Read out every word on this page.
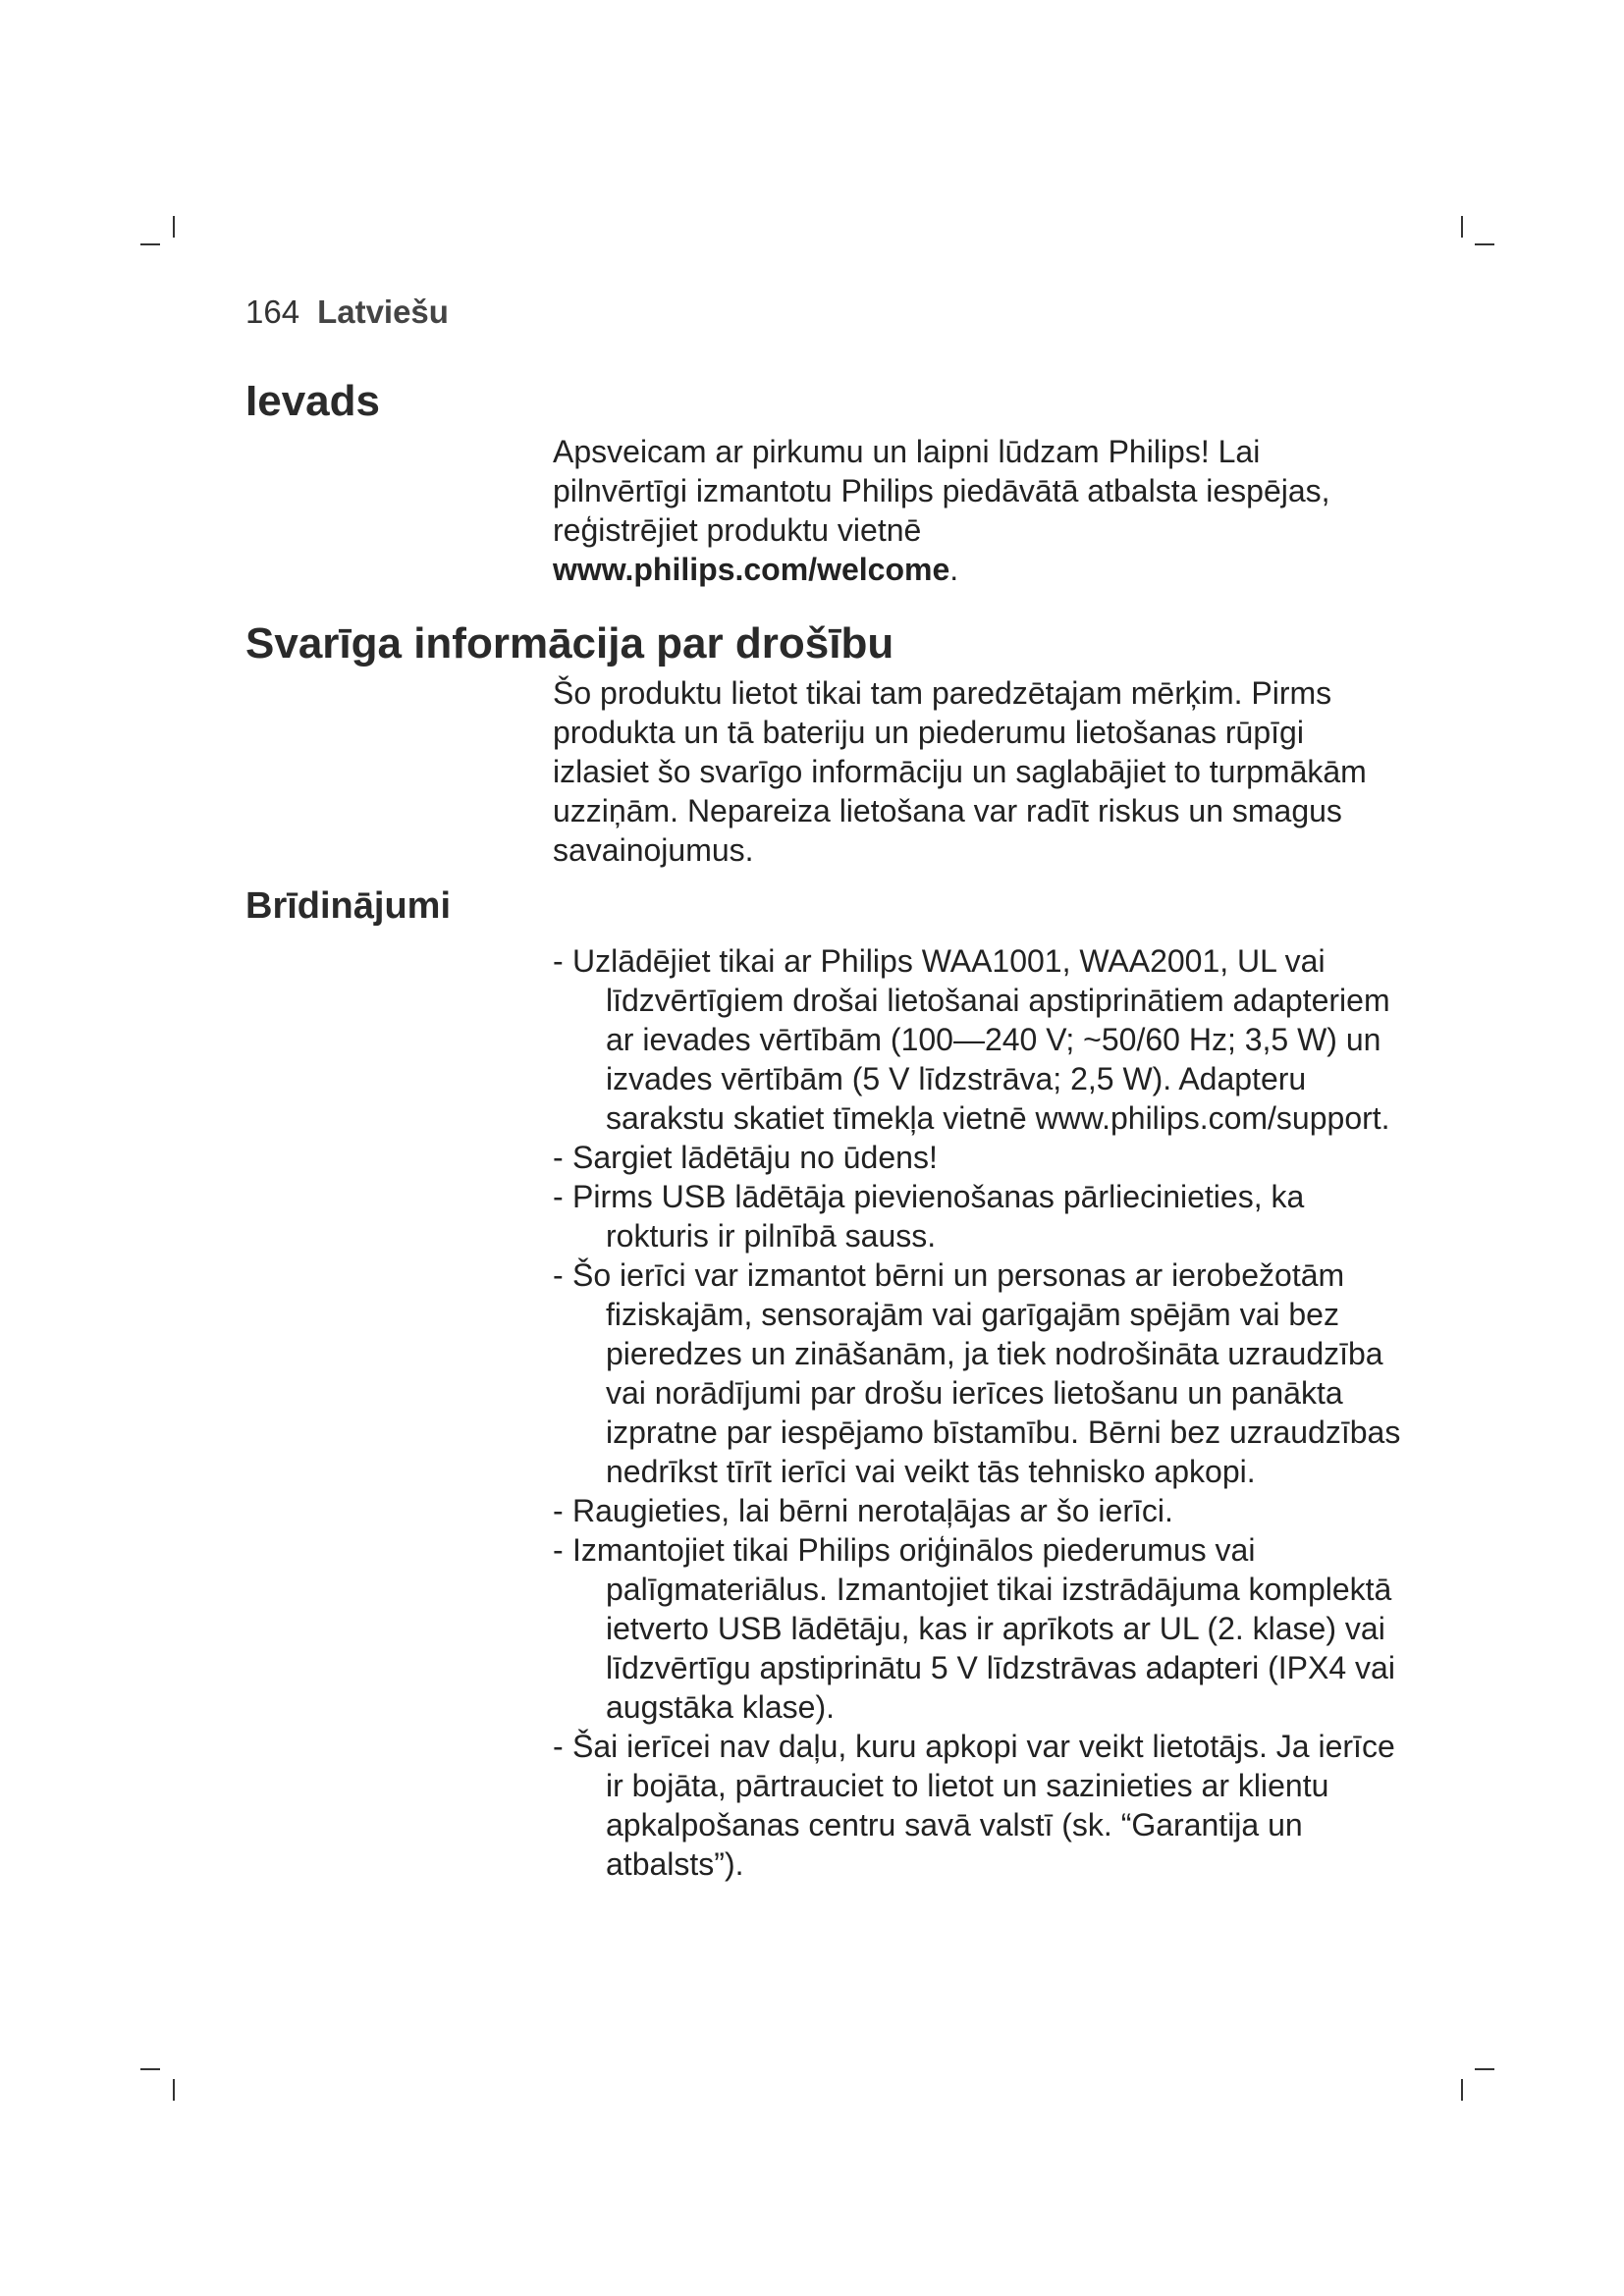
164 Latviešu
Ievads

Apsveicam ar pirkumu un laipni lūdzam Philips! Lai pilnvērtīgi izmantotu Philips piedāvātā atbalsta iespējas, reģistrējiet produktu vietnē
www.philips.com/welcome.

Svarīga informācija par drošību

Šo produktu lietot tikai tam paredzētajam mērķim. Pirms produkta un tā bateriju un piederumu lietošanas rūpīgi izlasiet šo svarīgo informāciju un saglabājiet to turpmākām uzziņām. Nepareiza lietošana var radīt riskus un smagus savainojumus.

Brīdinājumi
- Uzlādējiet tikai ar Philips WAA1001, WAA2001, UL vai līdzvērtīgiem drošai lietošanai apstiprinātiem adapteriem ar ievades vērtībām (100—240 V; ~50/60 Hz; 3,5 W) un izvades vērtībām (5 V līdzstrāva; 2,5 W). Adapteru sarakstu skatiet tīmekļa vietnē www.philips.com/support.
- Sargiet lādētāju no ūdens!
- Pirms USB lādētāja pievienošanas pārliecinieties, ka rokturis ir pilnībā sauss.
- Šo ierīci var izmantot bērni un personas ar ierobežotām fiziskajām, sensorajām vai garīgajām spējām vai bez pieredzes un zināšanām, ja tiek nodrošināta uzraudzība vai norādījumi par drošu ierīces lietošanu un panākta izpratne par iespējamo bīstamību. Bērni bez uzraudzības nedrīkst tīrīt ierīci vai veikt tās tehnisko apkopi.
- Raugieties, lai bērni nerotaļājas ar šo ierīci.
- Izmantojiet tikai Philips oriģinālos piederumus vai palīgmateriālus. Izmantojiet tikai izstrādājuma komplektā ietverto USB lādētāju, kas ir aprīkots ar UL (2. klase) vai līdzvērtīgu apstiprinātu 5 V līdzstrāvas adapteri (IPX4 vai augstāka klase).
- Šai ierīcei nav daļu, kuru apkopi var veikt lietotājs. Ja ierīce ir bojāta, pārtrauciet to lietot un sazinieties ar klientu apkalpošanas centru savā valstī (sk. “Garantija un atbalsts”).
